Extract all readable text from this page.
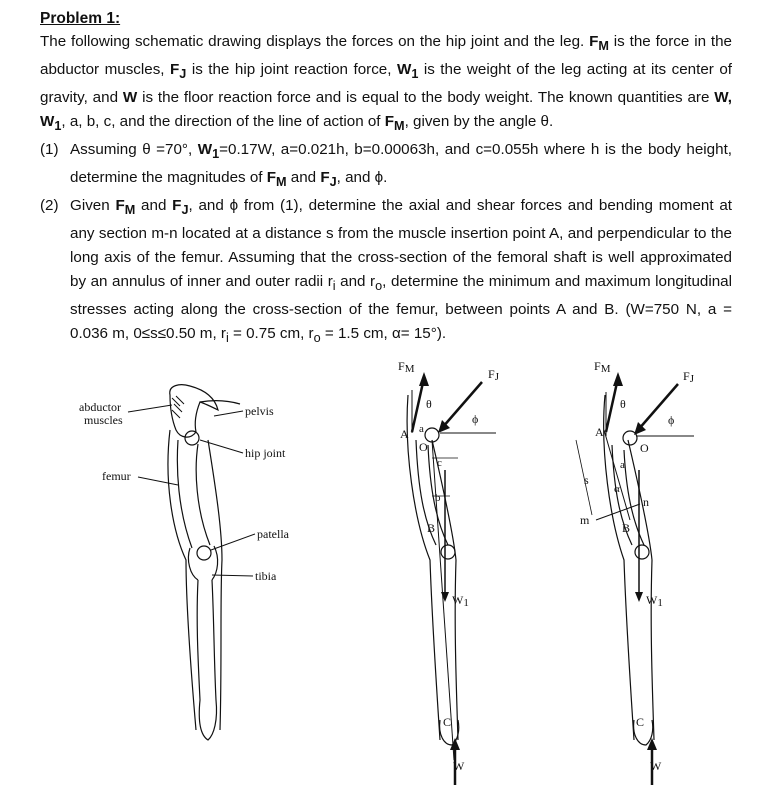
Problem 1:

The following schematic drawing displays the forces on the hip joint and the leg. $F_M$ is the force in the abductor muscles, $F_J$ is the hip joint reaction force, $W_1$ is the weight of the leg acting at its center of gravity, and W is the floor reaction force and is equal to the body weight. The known quantities are W, $W_1$, a, b, c, and the direction of the line of action of $F_M$, given by the angle θ.

(1) Assuming θ =70°, $W_1=0.17W$, a=0.021h, b=0.00063h, and c=0.055h where h is the body height, determine the magnitudes of $F_M$ and $F_J$, and ϕ.

(2) Given $F_M$ and $F_J$, and ϕ from (1), determine the axial and shear forces and bending moment at any section m-n located at a distance s from the muscle insertion point A, and perpendicular to the long axis of the femur. Assuming that the cross-section of the femoral shaft is well approximated by an annulus of inner and outer radii $r_i$ and $r_o$, determine the minimum and maximum longitudinal stresses acting along the cross-section of the femur, between points A and B. (W=750 N, a = 0.036 m, 0≤s≤0.50 m, $r_i = 0.75$ cm, $r_o = 1.5$ cm, α= 15°).

abductor
muscles
pelvis
hip joint
femur
patella
tibia
FM	FJ
θ
ϕ
A a
O
c
b
B
W1
C
W
FM	FJ
θ
ϕ
A
O
a
s
α
m
n
B
W1
C
W
